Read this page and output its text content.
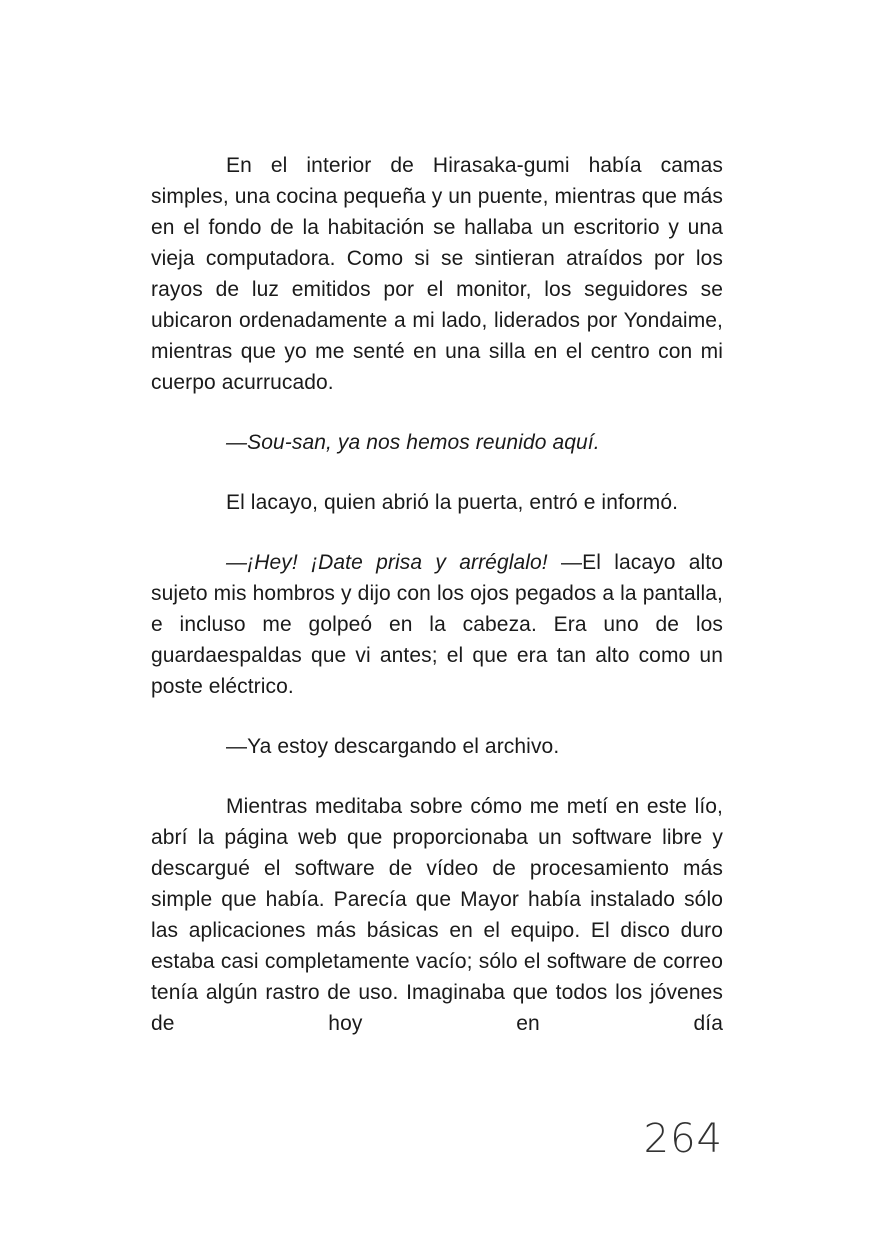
En el interior de Hirasaka-gumi había camas simples, una cocina pequeña y un puente, mientras que más en el fondo de la habitación se hallaba un escritorio y una vieja computadora. Como si se sintieran atraídos por los rayos de luz emitidos por el monitor, los seguidores se ubicaron ordenadamente a mi lado, liderados por Yondaime, mientras que yo me senté en una silla en el centro con mi cuerpo acurrucado.

—Sou-san, ya nos hemos reunido aquí.

El lacayo, quien abrió la puerta, entró e informó.

—¡Hey! ¡Date prisa y arréglalo! —El lacayo alto sujeto mis hombros y dijo con los ojos pegados a la pantalla, e incluso me golpeó en la cabeza. Era uno de los guardaespaldas que vi antes; el que era tan alto como un poste eléctrico.

—Ya estoy descargando el archivo.

Mientras meditaba sobre cómo me metí en este lío, abrí la página web que proporcionaba un software libre y descargué el software de vídeo de procesamiento más simple que había. Parecía que Mayor había instalado sólo las aplicaciones más básicas en el equipo. El disco duro estaba casi completamente vacío; sólo el software de correo tenía algún rastro de uso. Imaginaba que todos los jóvenes de hoy en día

264
